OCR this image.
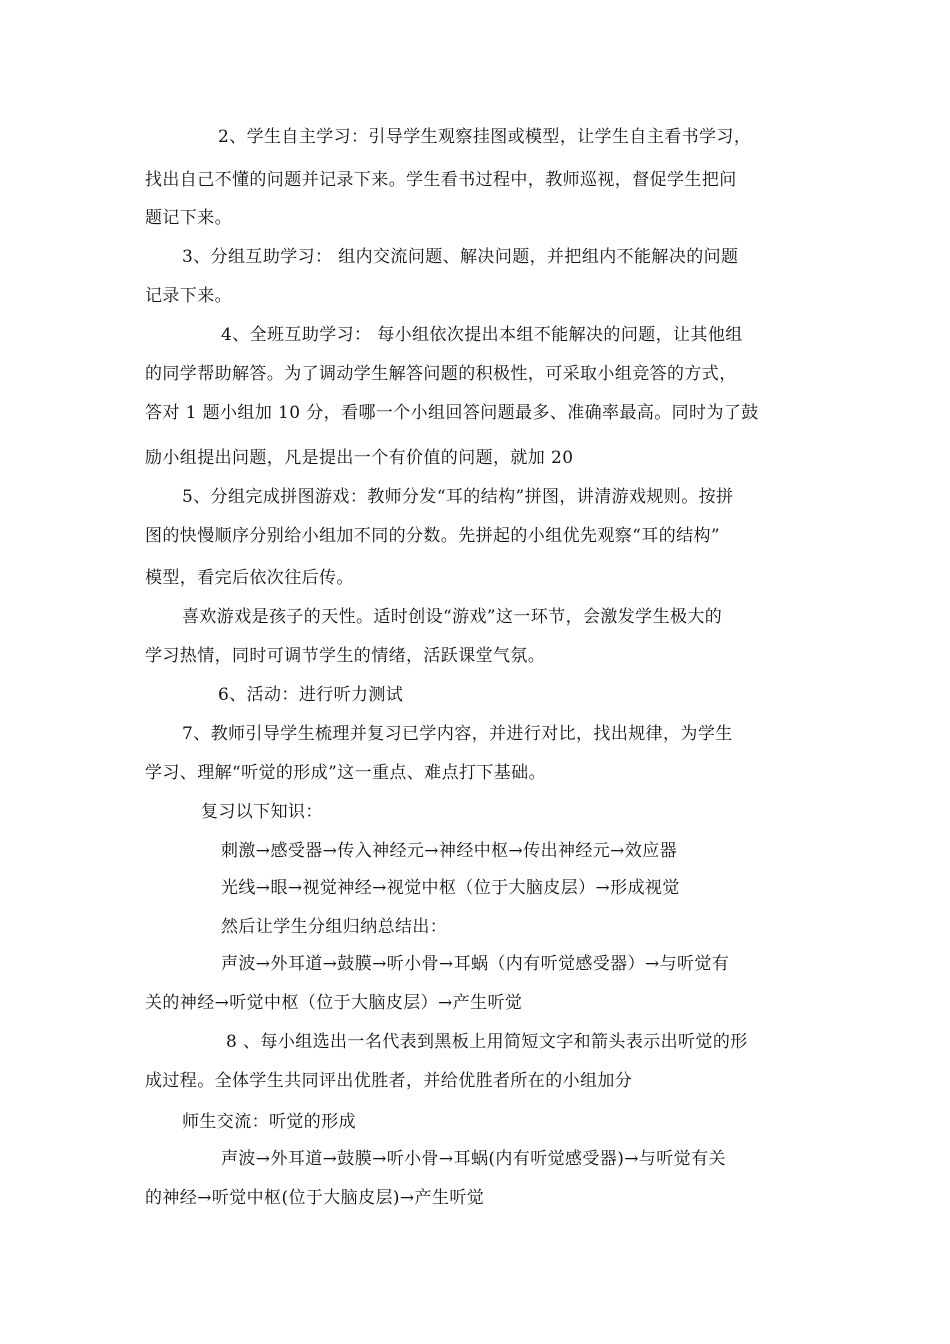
2、学生自主学习：引导学生观察挂图或模型，让学生自主看书学习，
找出自己不懂的问题并记录下来。学生看书过程中，教师巡视，督促学生把问
题记下来。
3、分组互助学习： 组内交流问题、解决问题，并把组内不能解决的问题
记录下来。
4、全班互助学习： 每小组依次提出本组不能解决的问题，让其他组
的同学帮助解答。为了调动学生解答问题的积极性，可采取小组竞答的方式，
答对 1 题小组加 10 分，看哪一个小组回答问题最多、准确率最高。同时为了鼓
励小组提出问题，凡是提出一个有价值的问题，就加 20
5、分组完成拼图游戏：教师分发“耳的结构”拼图，讲清游戏规则。按拼
图的快慢顺序分别给小组加不同的分数。先拼起的小组优先观察“耳的结构”
模型，看完后依次往后传。
喜欢游戏是孩子的天性。适时创设“游戏”这一环节，会激发学生极大的
学习热情，同时可调节学生的情绪，活跃课堂气氛。
6、活动：进行听力测试
7、教师引导学生梳理并复习已学内容，并进行对比，找出规律，为学生
学习、理解“听觉的形成”这一重点、难点打下基础。
复习以下知识：
刺激→感受器→传入神经元→神经中枢→传出神经元→效应器
光线→眼→视觉神经→视觉中枢（位于大脑皮层）→形成视觉
然后让学生分组归纳总结出：
声波→外耳道→鼓膜→听小骨→耳蜗（内有听觉感受器）→与听觉有
关的神经→听觉中枢（位于大脑皮层）→产生听觉
8 、每小组选出一名代表到黑板上用简短文字和箭头表示出听觉的形
成过程。全体学生共同评出优胜者，并给优胜者所在的小组加分
师生交流：听觉的形成
声波→外耳道→鼓膜→听小骨→耳蜗(内有听觉感受器)→与听觉有关
的神经→听觉中枢(位于大脑皮层)→产生听觉
